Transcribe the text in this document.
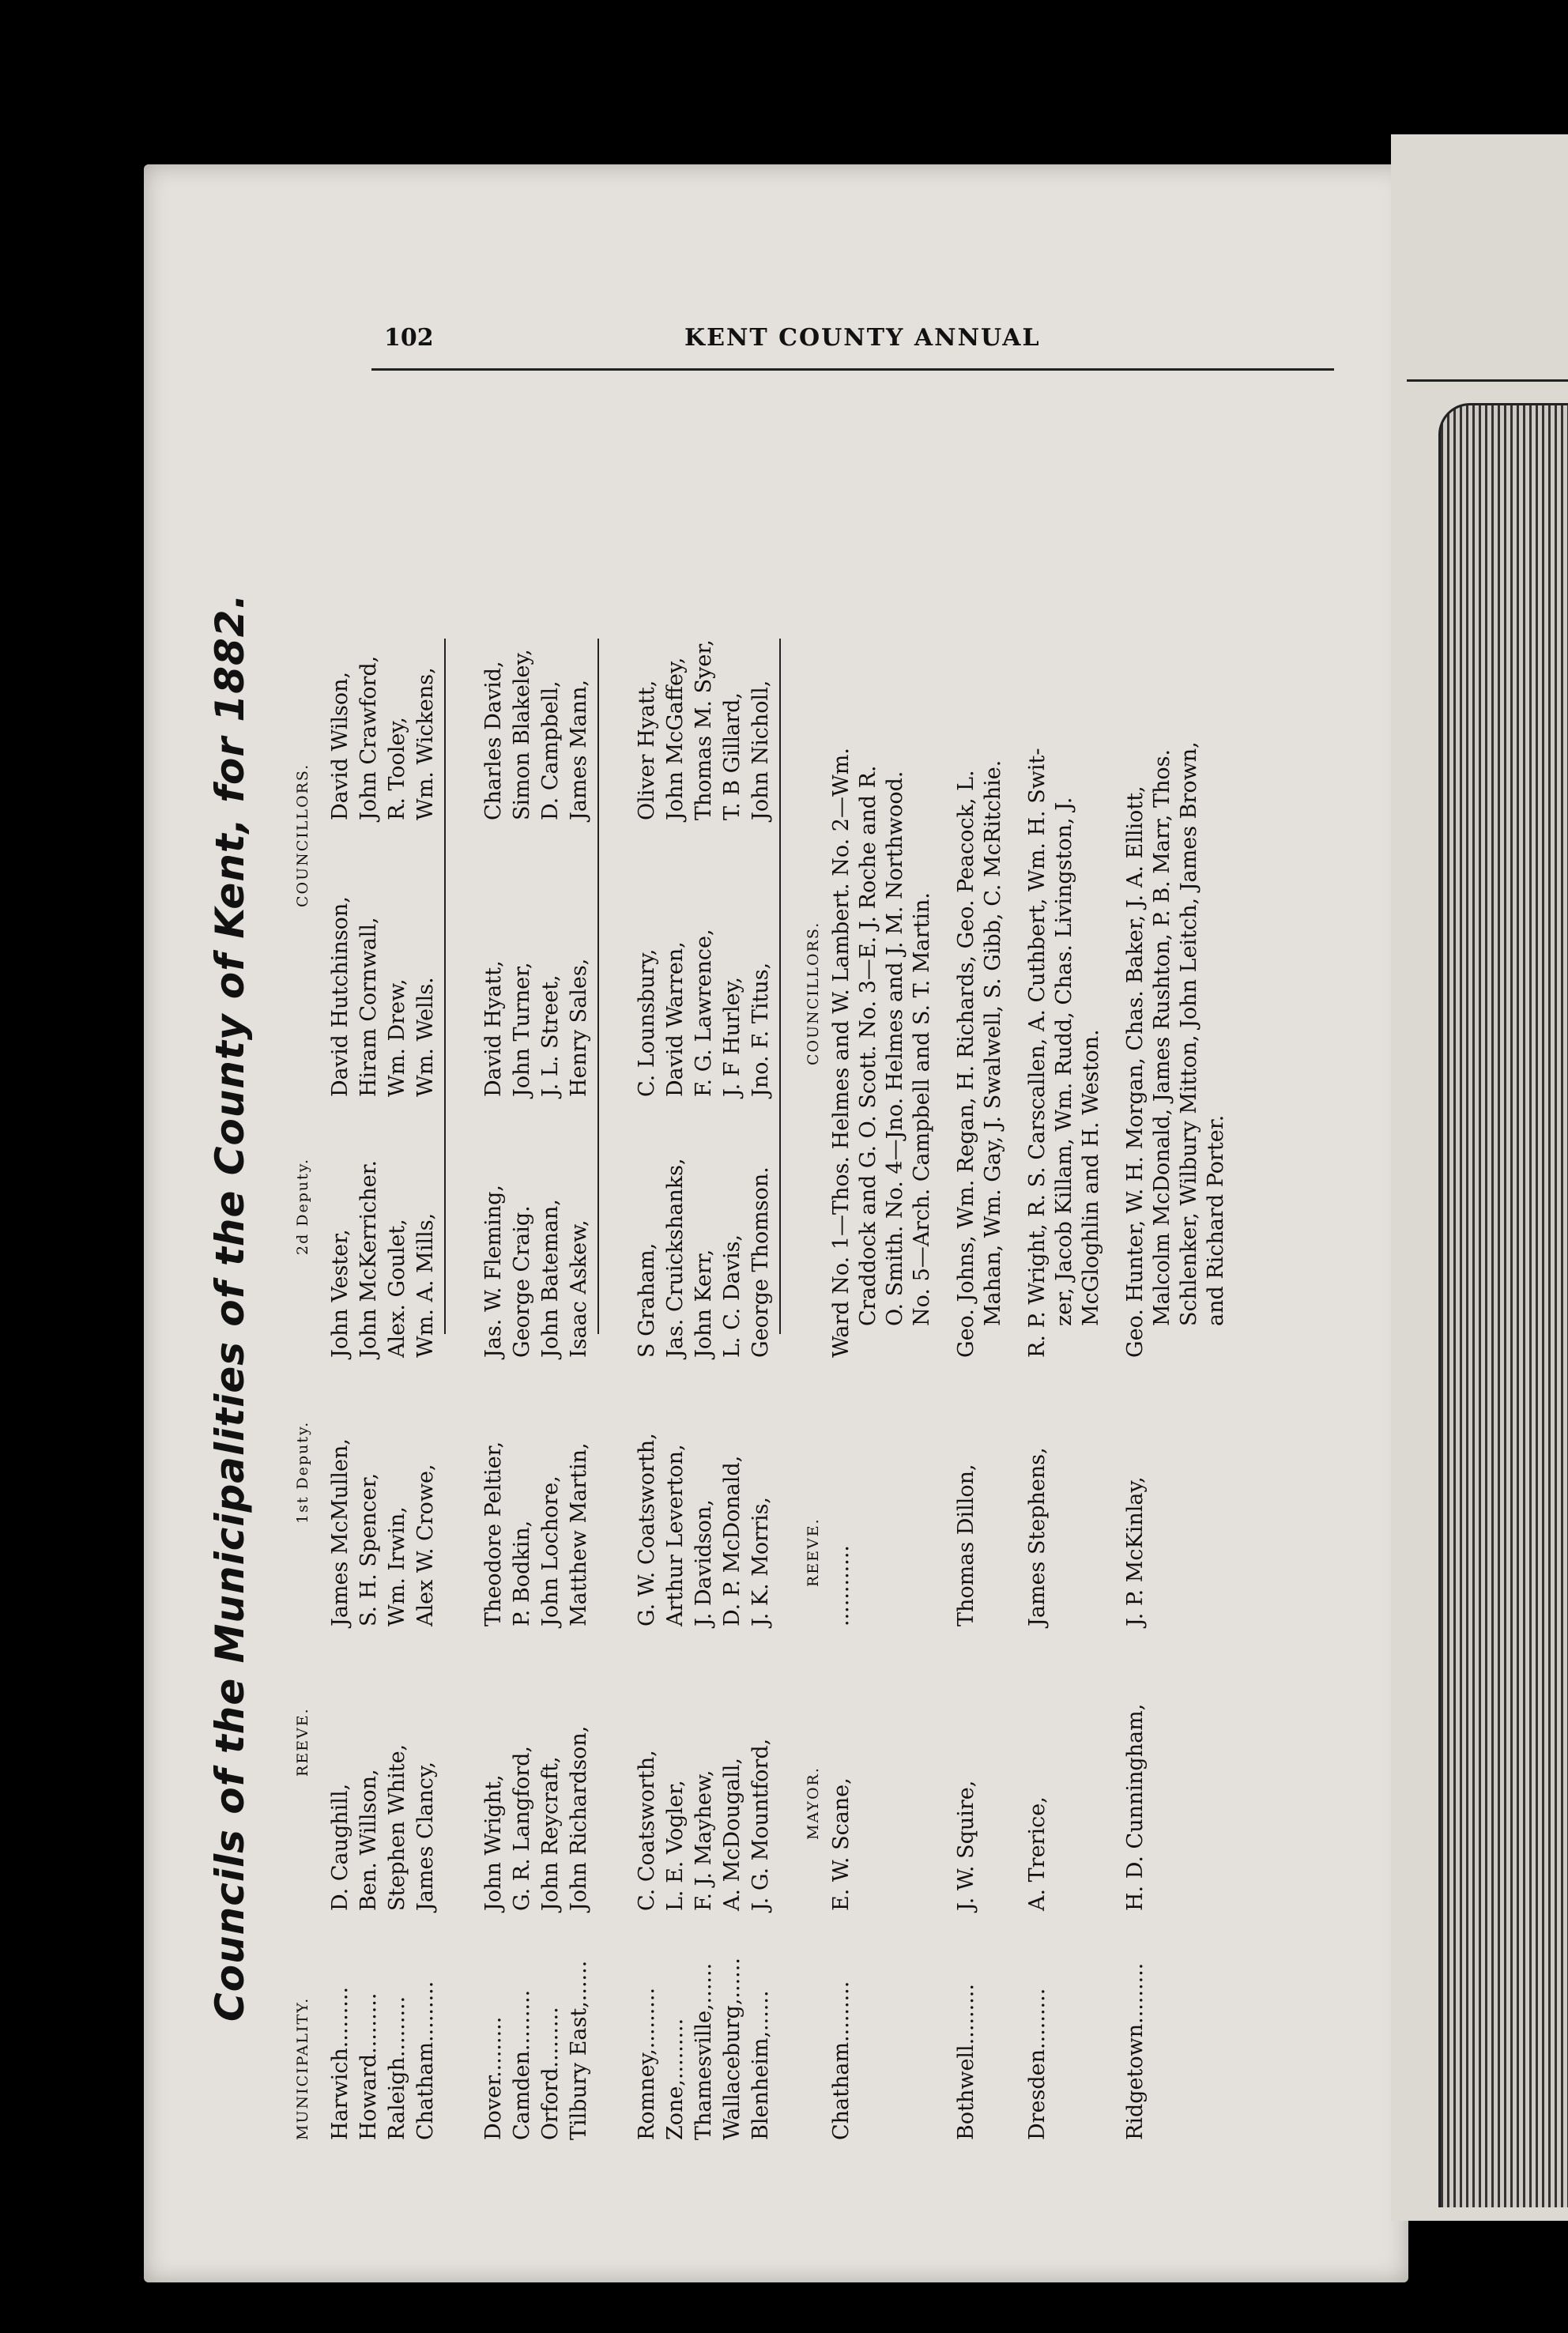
Councils of the Municipalities of the County of Kent, for 1882.
MUNICIPALITY.
REEVE.
1st Deputy.
2d Deputy.
COUNCILLORS.
Harwich.........
D. Caughill,
James McMullen,
John Vester,
David Hutchinson,
David Wilson,
Howard.........
Ben. Willson,
S. H. Spencer,
John McKerricher.
Hiram Cornwall,
John Crawford,
Raleigh.........
Stephen White,
Wm. Irwin,
Alex. Goulet,
Wm. Drew,
R. Tooley,
Chatham.........
James Clancy,
Alex W. Crowe,
Wm. A. Mills,
Wm. Wells.
Wm. Wickens,
Dover.........
John Wright,
Theodore Peltier,
Jas. W. Fleming,
David Hyatt,
Charles David,
Camden.........
G. R. Langford,
P. Bodkin,
George Craig.
John Turner,
Simon Blakeley,
Orford.........
John Reycraft,
John Lochore,
John Bateman,
J. L. Street,
D. Campbell,
Tilbury East,......
John Richardson,
Matthew Martin,
Isaac Askew,
Henry Sales,
James Mann,
Romney,.........
C. Coatsworth,
G. W. Coatsworth,
S Graham,
C. Lounsbury,
Oliver Hyatt,
Zone,.........
L. E. Vogler,
Arthur Leverton,
Jas. Cruickshanks,
David Warren,
John McGaffey,
Thamesville,......
F. J. Mayhew,
J. Davidson,
John Kerr,
F. G. Lawrence,
Thomas M. Syer,
Wallaceburg,......
A. McDougall,
D. P. McDonald,
L. C. Davis,
J. F Hurley,
T. B Gillard,
Blenheim,......
J. G. Mountford,
J. K. Morris,
George Thomson.
Jno. F. Titus,
John Nicholl,
MAYOR.
REEVE.
COUNCILLORS.
Chatham.........
E. W. Scane,
............
Ward No. 1—Thos. Helmes and W. Lambert. No. 2—Wm. Craddock and G. O. Scott. No. 3—E. J. Roche and R. O. Smith. No. 4—Jno. Helmes and J. M. Northwood. No. 5—Arch. Campbell and S. T. Martin.
Bothwell.........
J. W. Squire,
Thomas Dillon,
Geo. Johns, Wm. Regan, H. Richards, Geo. Peacock, L. Mahan, Wm. Gay, J. Swalwell, S. Gibb, C. McRitchie.
Dresden.........
A. Trerice,
James Stephens,
R. P. Wright, R. S. Carscallen, A. Cuthbert, Wm. H. Swit- zer, Jacob Killam, Wm. Rudd, Chas. Livingston, J. McGloghlin and H. Weston.
Ridgetown.........
H. D. Cunningham,
J. P. McKinlay,
Geo. Hunter, W. H. Morgan, Chas. Baker, J. A. Elliott, Malcolm McDonald, James Rushton, P. B. Marr, Thos. Schlenker, Wilbury Mitton, John Leitch, James Brown, and Richard Porter.
102	KENT COUNTY ANNUAL
